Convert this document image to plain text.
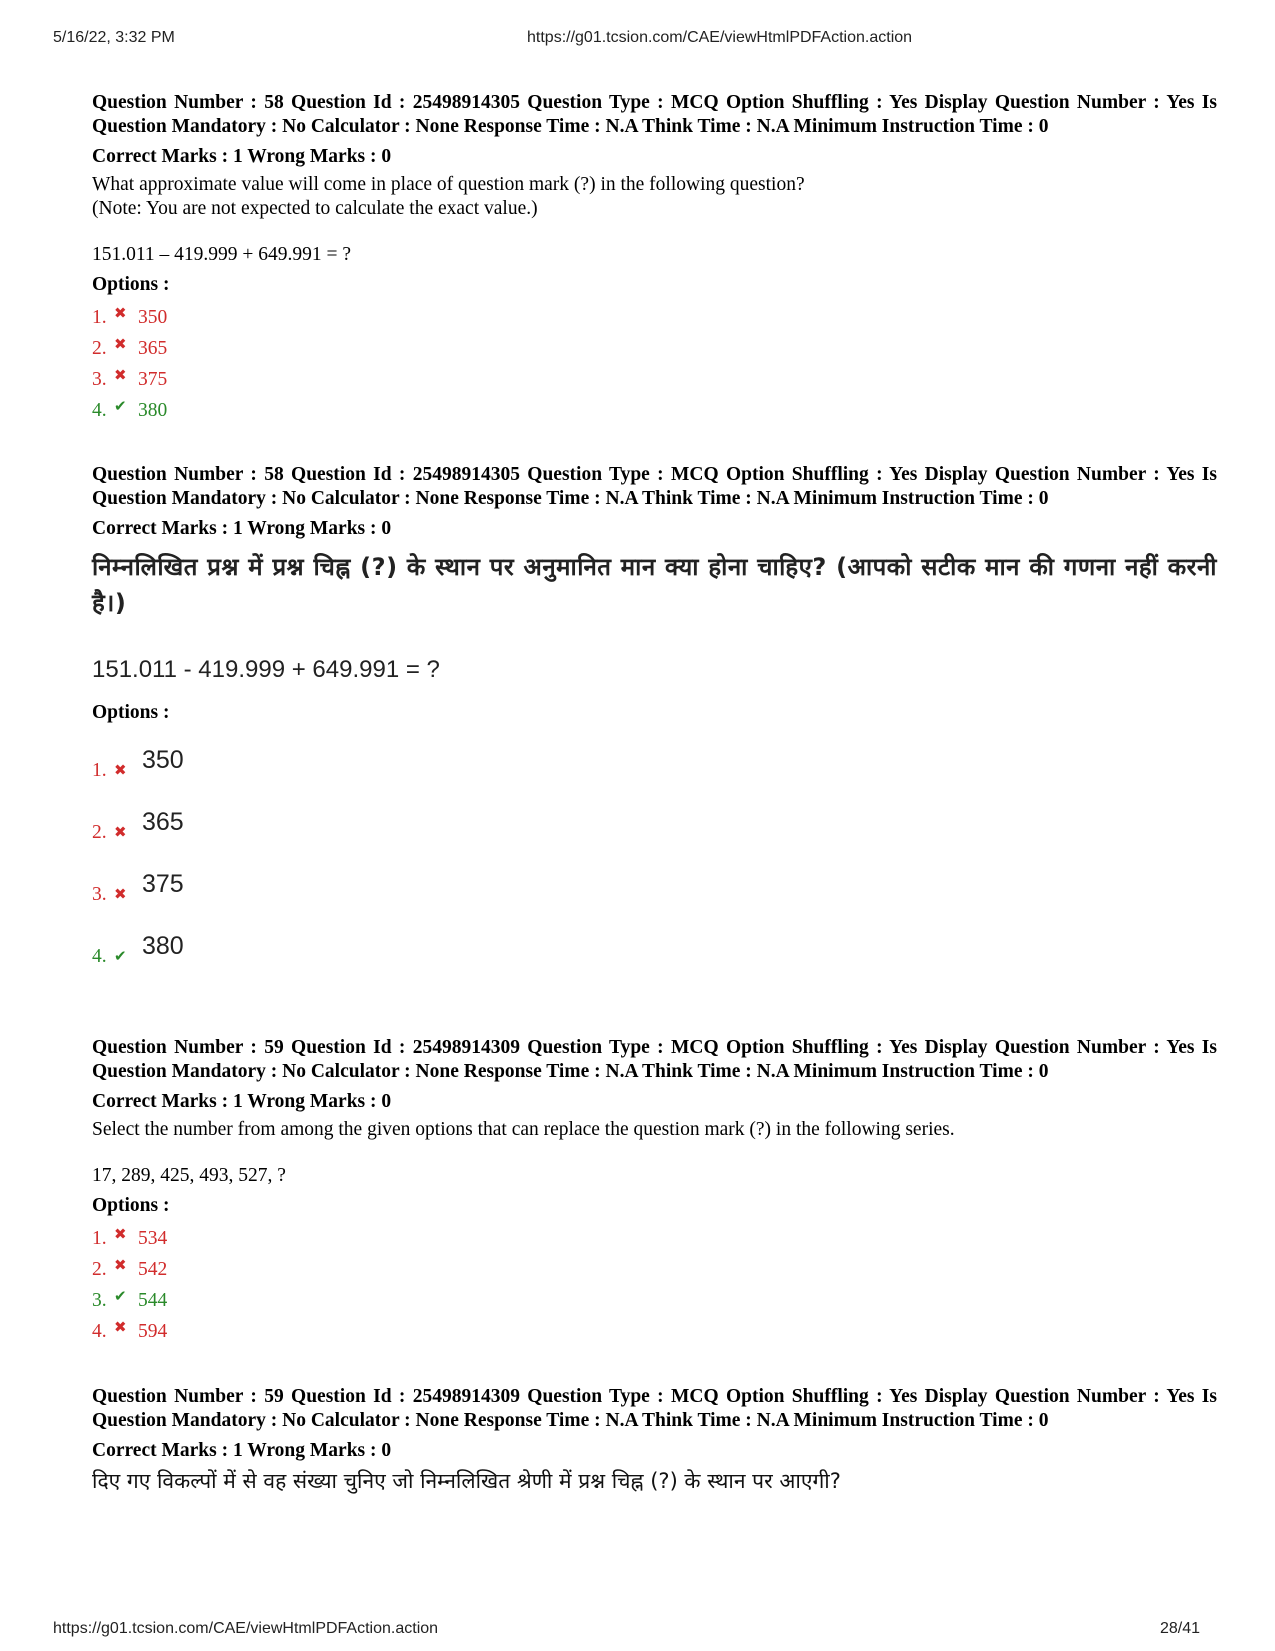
5/16/22, 3:32 PM	https://g01.tcsion.com/CAE/viewHtmlPDFAction.action
Question Number : 58 Question Id : 25498914305 Question Type : MCQ Option Shuffling : Yes Display Question Number : Yes Is Question Mandatory : No Calculator : None Response Time : N.A Think Time : N.A Minimum Instruction Time : 0
Correct Marks : 1 Wrong Marks : 0
What approximate value will come in place of question mark (?) in the following question?
(Note: You are not expected to calculate the exact value.)
151.011 – 419.999 + 649.991 = ?
Options :
1. ✖ 350
2. ✖ 365
3. ✖ 375
4. ✔ 380
Question Number : 58 Question Id : 25498914305 Question Type : MCQ Option Shuffling : Yes Display Question Number : Yes Is Question Mandatory : No Calculator : None Response Time : N.A Think Time : N.A Minimum Instruction Time : 0
Correct Marks : 1 Wrong Marks : 0
निम्नलिखित प्रश्न में प्रश्न चिह्न (?) के स्थान पर अनुमानित मान क्या होना चाहिए? (आपको सटीक मान की गणना नहीं करनी है।)
151.011 - 419.999 + 649.991 = ?
Options :
1. ✖ 350
2. ✖ 365
3. ✖ 375
4. ✔ 380
Question Number : 59 Question Id : 25498914309 Question Type : MCQ Option Shuffling : Yes Display Question Number : Yes Is Question Mandatory : No Calculator : None Response Time : N.A Think Time : N.A Minimum Instruction Time : 0
Correct Marks : 1 Wrong Marks : 0
Select the number from among the given options that can replace the question mark (?) in the following series.
17, 289, 425, 493, 527, ?
Options :
1. ✖ 534
2. ✖ 542
3. ✔ 544
4. ✖ 594
Question Number : 59 Question Id : 25498914309 Question Type : MCQ Option Shuffling : Yes Display Question Number : Yes Is Question Mandatory : No Calculator : None Response Time : N.A Think Time : N.A Minimum Instruction Time : 0
Correct Marks : 1 Wrong Marks : 0
दिए गए विकल्पों में से वह संख्या चुनिए जो निम्नलिखित श्रेणी में प्रश्न चिह्न (?) के स्थान पर आएगी?
https://g01.tcsion.com/CAE/viewHtmlPDFAction.action	28/41
